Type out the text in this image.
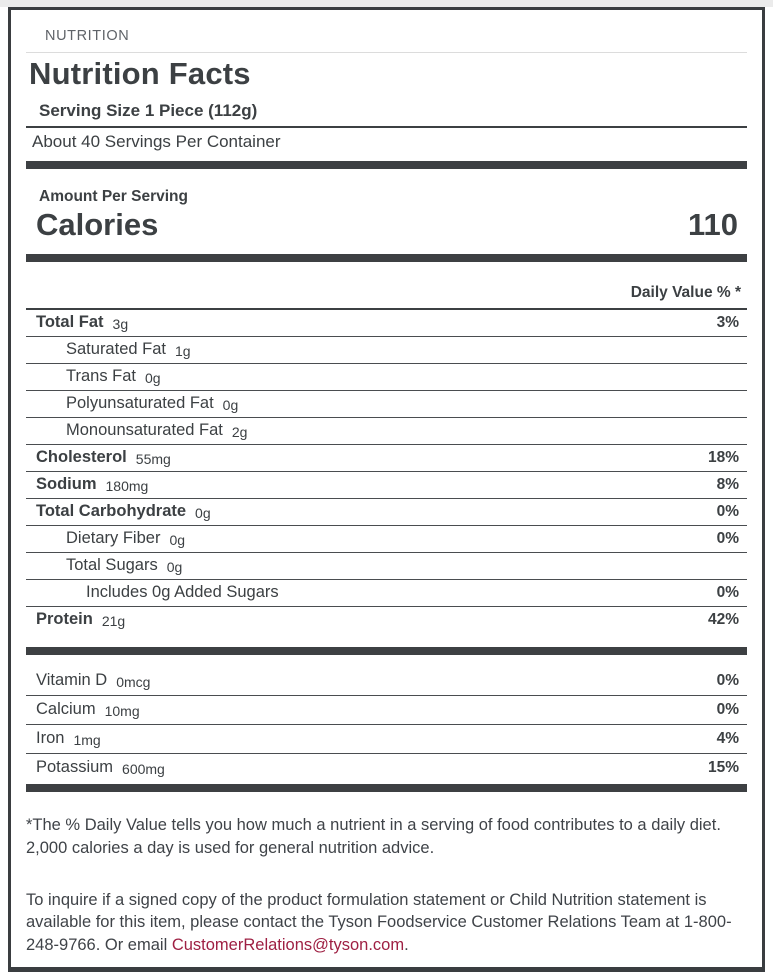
NUTRITION
Nutrition Facts
Serving Size 1 Piece (112g)
About 40 Servings Per Container
Amount Per Serving
Calories	110
Daily Value % *
Total Fat 3g	3%
Saturated Fat 1g
Trans Fat 0g
Polyunsaturated Fat 0g
Monounsaturated Fat 2g
Cholesterol 55mg	18%
Sodium 180mg	8%
Total Carbohydrate 0g	0%
Dietary Fiber 0g	0%
Total Sugars 0g
Includes 0g Added Sugars	0%
Protein 21g	42%
Vitamin D 0mcg	0%
Calcium 10mg	0%
Iron 1mg	4%
Potassium 600mg	15%

*The % Daily Value tells you how much a nutrient in a serving of food contributes to a daily diet. 2,000 calories a day is used for general nutrition advice.

To inquire if a signed copy of the product formulation statement or Child Nutrition statement is available for this item, please contact the Tyson Foodservice Customer Relations Team at 1-800-248-9766. Or email CustomerRelations@tyson.com.
